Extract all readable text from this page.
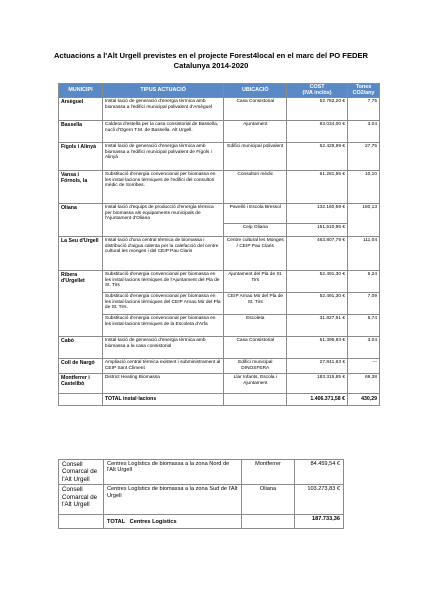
Actuacions a l'Alt Urgell previstes en el projecte Forest4local en el marc del PO FEDER Catalunya 2014-2020
MUNICIPI	TIPUS ACTUACIÓ	UBICACIÓ	COST
(IVA inclòs)	Tones
CO2/any
Arsèguel	Instal·lació de generació d'energia tèrmica amb biomassa a l'edifici municipal polivalent d'Arsèguel	Casa Consistorial	52.782,20 €	7,75
Bassella	Caldera d'estella per la casa consistorial de Bassella, nucli d'Ogern T.M. de Bassella. Alt Urgell.	Ajuntament	83.034,00 €	3,04
Fígols i Alinyà	Instal·lació de generació d'energia tèrmica amb biomassa a l'edifici municipal polivalent de Fígols i Alinyà	Edifici municipal polivalent	62.429,99 €	27,75
Vansa i Fórnols, la	Substitució d'energia convencional per biomassa en les instal·lacions tèrmiques de l'edifici del consultori mèdic de Sorribes.	Consultori mèdic	61.281,55 €	10,10
Oliana	Instal·lació d'equips de producció d'energia tèrmica per biomassa als equipaments municipals de l'Ajuntament d'Oliana	Pavelló i Escola Bressol	132.160,59 €	180,13
		Ceip Oliana	151.510,95 €	
La Seu d'Urgell	Instal·lació d'una central tèrmica de biomassa i distribució d'aigua calenta per la calefacció del centre cultural les monges i del CEIP Pau Claris	Centre cultural les Monges / CEIP Pau Claris	463.807,79 €	111,04
Ribera d'Urgellet	Substitució d'energia convencional per biomassa en les instal·lacions tèrmiques de l'Ajuntament del Pla de St. Tirs	Ajuntament del Pla de St. Tirs	52.491,30 €	5,24
	Substitució d'energia convencional per biomassa en les instal·lacions tèrmiques del CEIP Arnau Mir del Pla de St. Tirs.	CEIP Arnau Mir del Pla de St. Tirs	52.491,30 €	7,09
	Substitució d'energia convencional per biomassa en les instal·lacions tèrmiques de la Escoleta d'Arfa	Escoleta	31.827,61 €	5,74
Cabó	Instal·lació de generació d'energia tèrmica amb biomassa a la casa consistorial	Casa Consistorial	51.396,83 €	3,04
Coll de Nargó	Ampliació central tèrmica existent i subministrament al CEIP Sant Climent	Edifici municipal DINOSFERA	27.841,63 €	---
Montferrer i Castellbò	District Heating Biomassa	Llar Infants, Escola i Ajuntament	183.315,85 €	69,38
	TOTAL instal·lacions		1.406.371,58 €	430,29
Consell Comarcal de l'Alt Urgell	Centres Logístics de biomassa a la zona Nord de l'Alt Urgell	Montferrer	84.459,54 €
Consell Comarcal de l'Alt Urgell	Centres Logístics de biomassa a la zona Sud de l'Alt Urgell	Oliana	103.273,83 €
	TOTAL   Centres Logístics		187.733,36
